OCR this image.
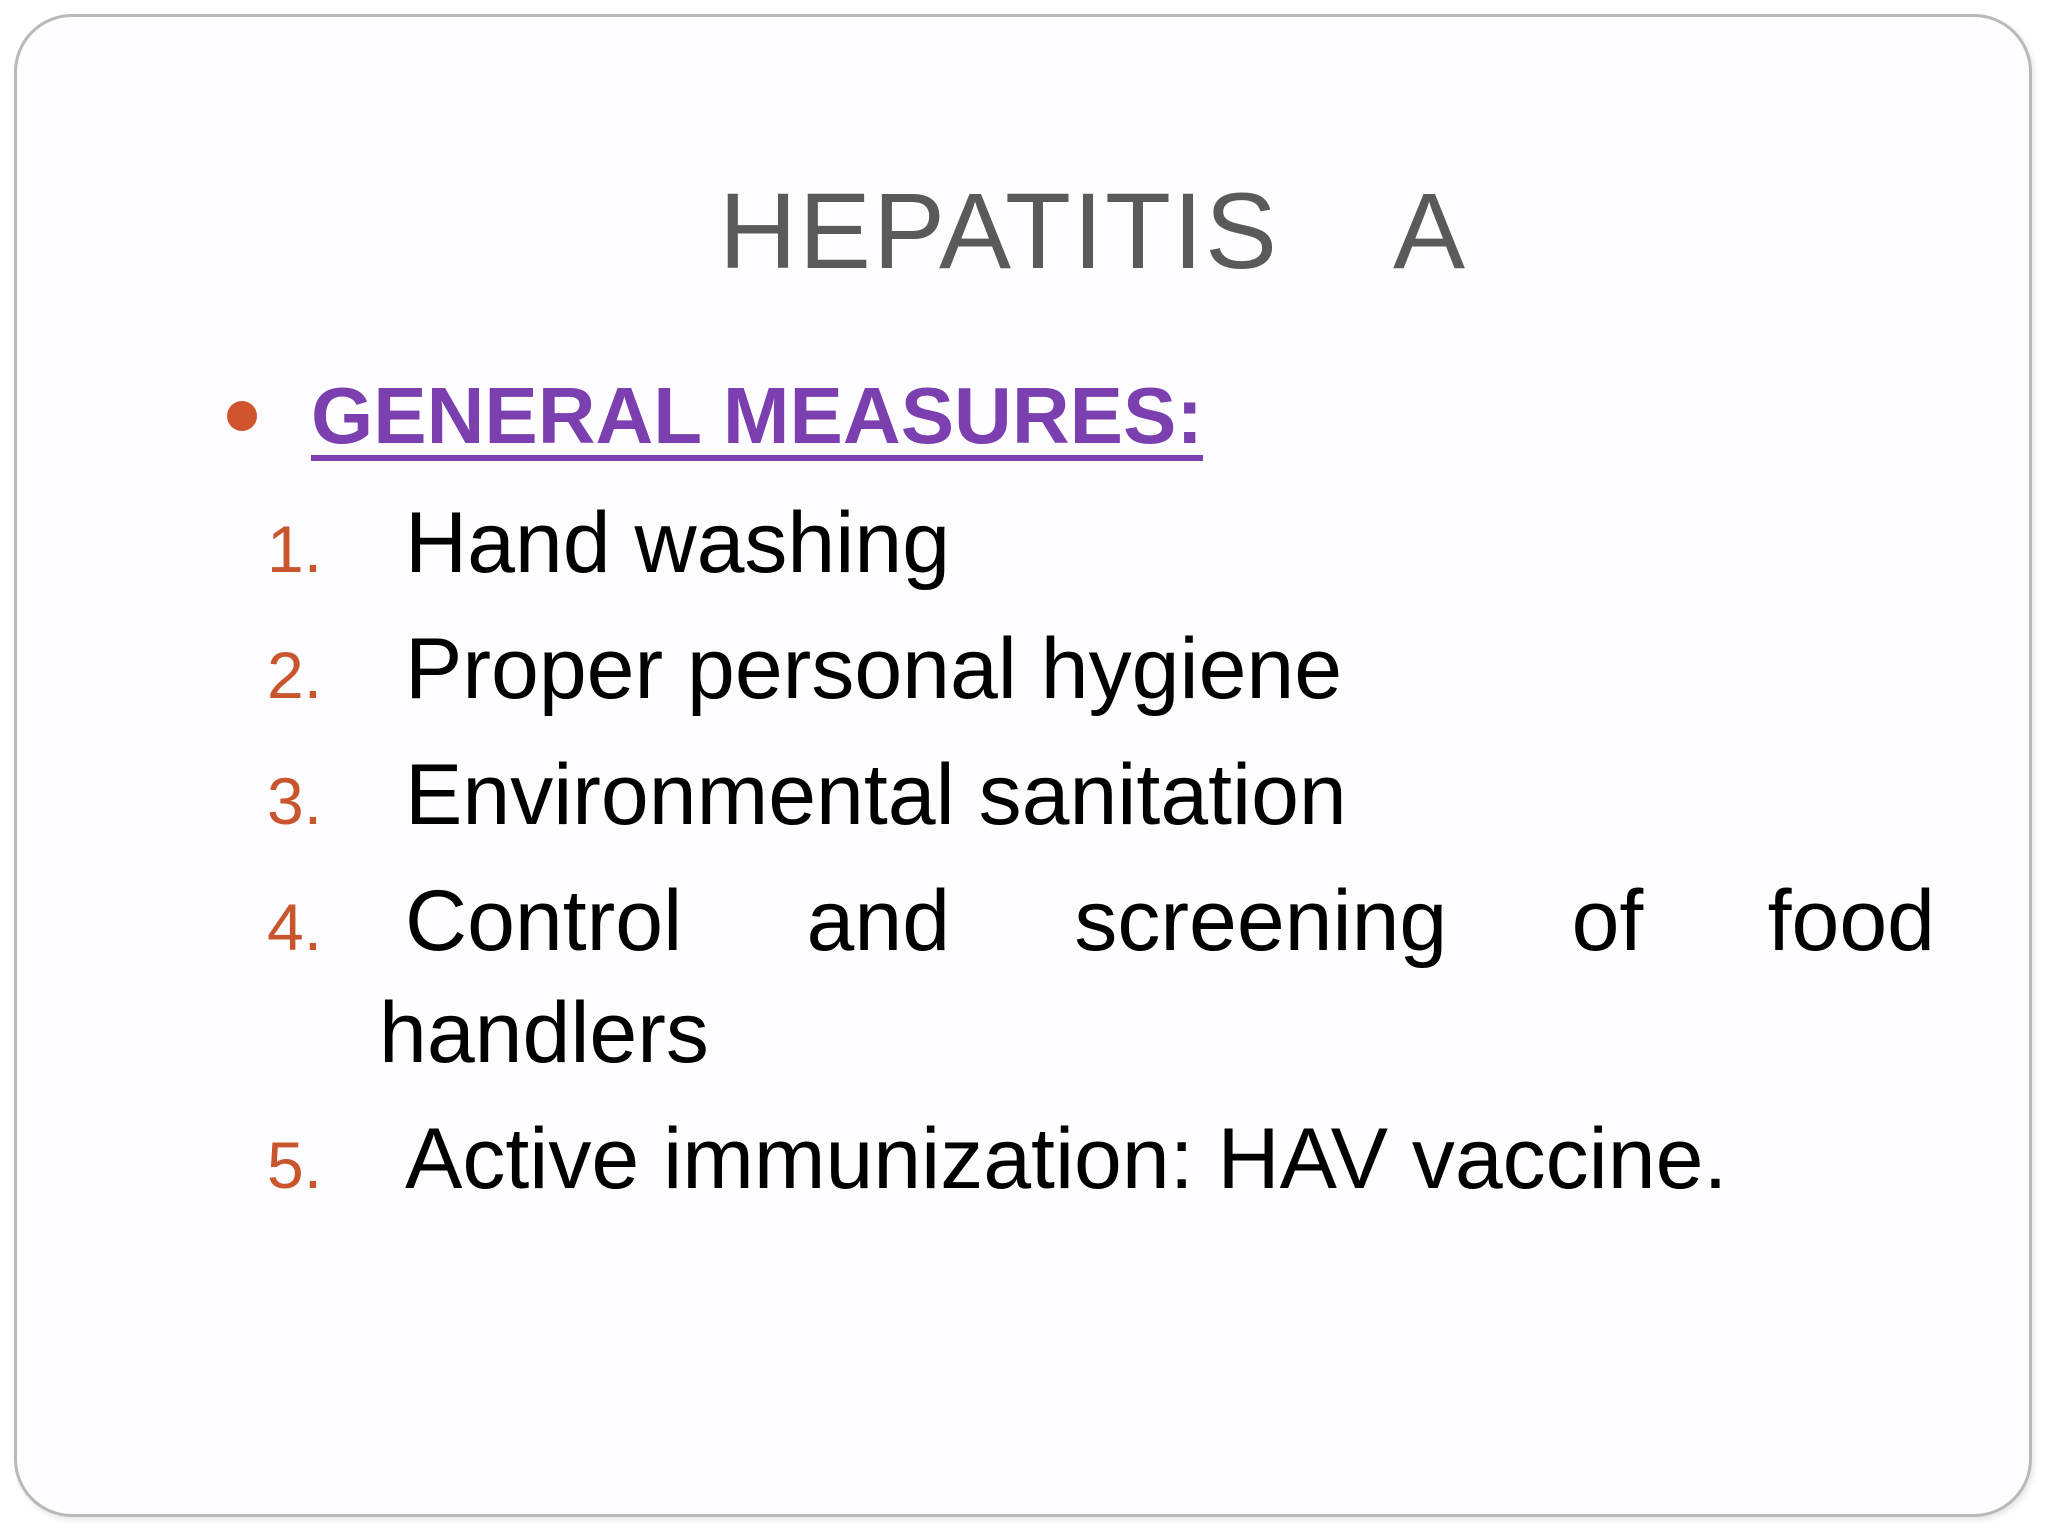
HEPATITIS  A
GENERAL MEASURES:
1. Hand washing
2. Proper personal hygiene
3. Environmental sanitation
4. Control and screening of food
handlers
5. Active immunization: HAV vaccine.
